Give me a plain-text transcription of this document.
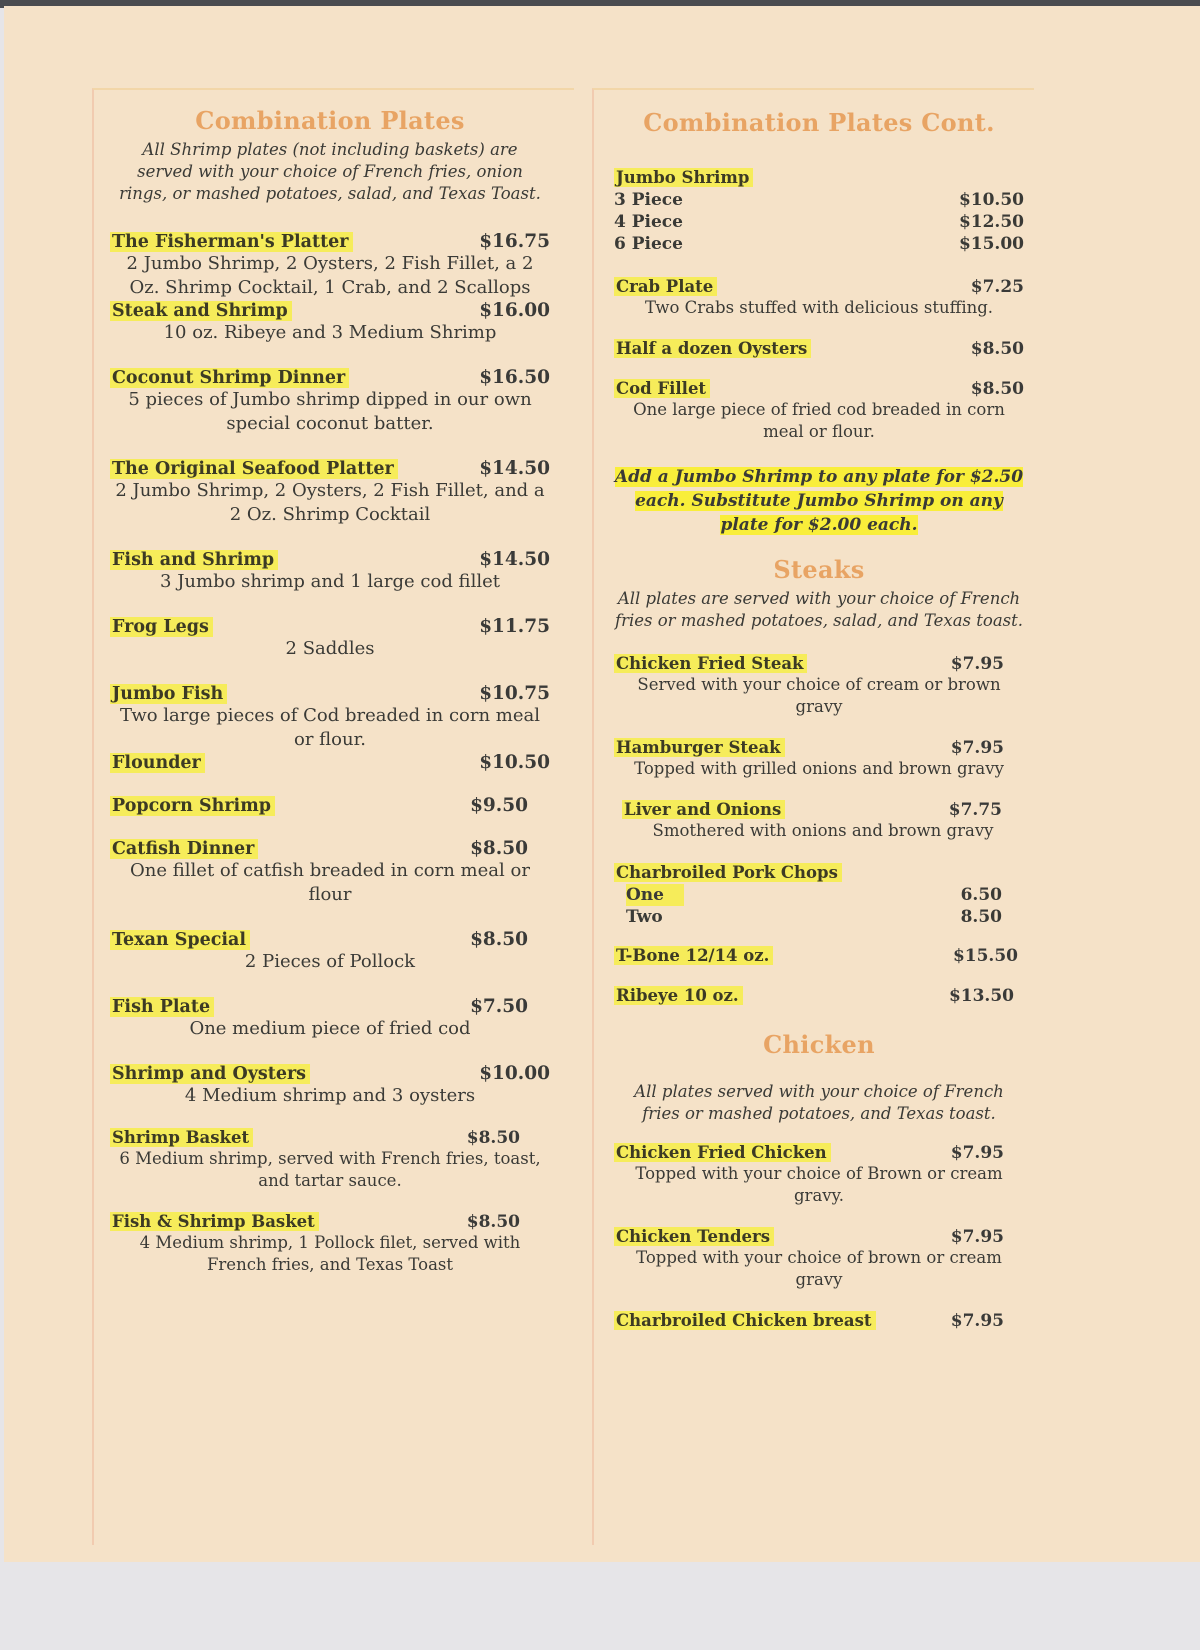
Combination Plates

All Shrimp plates (not including baskets) are served with your choice of French fries, onion rings, or mashed potatoes, salad, and Texas Toast.

The Fisherman's Platter	$16.75
2 Jumbo Shrimp, 2 Oysters, 2 Fish Fillet, a 2 Oz. Shrimp Cocktail, 1 Crab, and 2 Scallops
Steak and Shrimp	$16.00
10 oz. Ribeye and 3 Medium Shrimp
Coconut Shrimp Dinner	$16.50
5 pieces of Jumbo shrimp dipped in our own special coconut batter.
The Original Seafood Platter	$14.50
2 Jumbo Shrimp, 2 Oysters, 2 Fish Fillet, and a 2 Oz. Shrimp Cocktail
Fish and Shrimp	$14.50
3 Jumbo shrimp and 1 large cod fillet
Frog Legs	$11.75
2 Saddles
Jumbo Fish	$10.75
Two large pieces of Cod breaded in corn meal or flour.
Flounder	$10.50
Popcorn Shrimp	$9.50
Catfish Dinner	$8.50
One fillet of catfish breaded in corn meal or flour
Texan Special	$8.50
2 Pieces of Pollock
Fish Plate	$7.50
One medium piece of fried cod
Shrimp and Oysters	$10.00
4 Medium shrimp and 3 oysters
Shrimp Basket	$8.50
6 Medium shrimp, served with French fries, toast, and tartar sauce.
Fish & Shrimp Basket	$8.50
4 Medium shrimp, 1 Pollock filet, served with French fries, and Texas Toast
Combination Plates Cont.
Jumbo Shrimp
3 Piece	$10.50
4 Piece	$12.50
6 Piece	$15.00
Crab Plate	$7.25
Two Crabs stuffed with delicious stuffing.
Half a dozen Oysters	$8.50
Cod Fillet	$8.50
One large piece of fried cod breaded in corn meal or flour.
Add a Jumbo Shrimp to any plate for $2.50 each. Substitute Jumbo Shrimp on any plate for $2.00 each.
Steaks

All plates are served with your choice of French fries or mashed potatoes, salad, and Texas toast.

Chicken Fried Steak	$7.95
Served with your choice of cream or brown gravy
Hamburger Steak	$7.95
Topped with grilled onions and brown gravy
Liver and Onions	$7.75
Smothered with onions and brown gravy
Charbroiled Pork Chops
One	6.50
Two	8.50
T-Bone 12/14 oz.	$15.50
Ribeye 10 oz.	$13.50
Chicken

All plates served with your choice of French fries or mashed potatoes, and Texas toast.

Chicken Fried Chicken	$7.95
Topped with your choice of Brown or cream gravy.
Chicken Tenders	$7.95
Topped with your choice of brown or cream gravy
Charbroiled Chicken breast	$7.95
